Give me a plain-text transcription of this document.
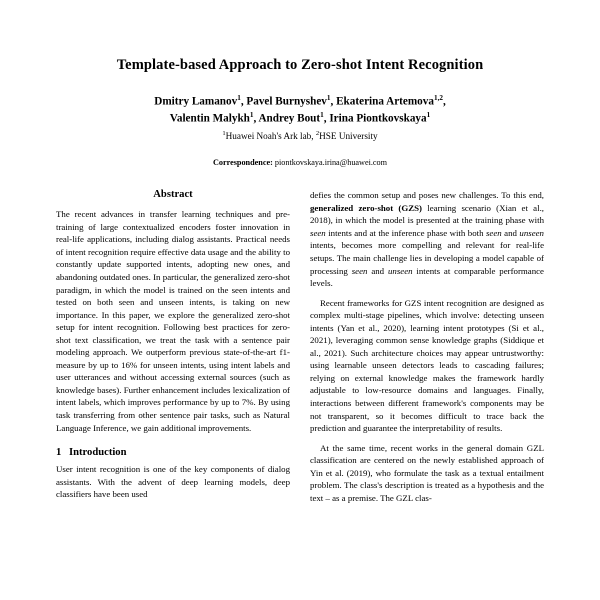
Template-based Approach to Zero-shot Intent Recognition
Dmitry Lamanov$^1$, Pavel Burnyshev$^1$, Ekaterina Artemova$^{1,2}$,
Valentin Malykh$^1$, Andrey Bout$^1$, Irina Piontkovskaya$^1$
$^1$Huawei Noah's Ark lab, $^2$HSE University
Correspondence: piontkovskaya.irina@huawei.com
Abstract

The recent advances in transfer learning techniques and pre-training of large contextualized encoders foster innovation in real-life applications, including dialog assistants. Practical needs of intent recognition require effective data usage and the ability to constantly update supported intents, adopting new ones, and abandoning outdated ones. In particular, the generalized zero-shot paradigm, in which the model is trained on the seen intents and tested on both seen and unseen intents, is taking on new importance. In this paper, we explore the generalized zero-shot setup for intent recognition. Following best practices for zero-shot text classification, we treat the task with a sentence pair modeling approach. We outperform previous state-of-the-art f1-measure by up to 16% for unseen intents, using intent labels and user utterances and without accessing external sources (such as knowledge bases). Further enhancement includes lexicalization of intent labels, which improves performance by up to 7%. By using task transferring from other sentence pair tasks, such as Natural Language Inference, we gain additional improvements.

1 Introduction

User intent recognition is one of the key components of dialog assistants. With the advent of deep learning models, deep classifiers have been used

defies the common setup and poses new challenges. To this end, generalized zero-shot (GZS) learning scenario (Xian et al., 2018), in which the model is presented at the training phase with seen intents and at the inference phase with both seen and unseen intents, becomes more compelling and relevant for real-life setups. The main challenge lies in developing a model capable of processing seen and unseen intents at comparable performance levels.

Recent frameworks for GZS intent recognition are designed as complex multi-stage pipelines, which involve: detecting unseen intents (Yan et al., 2020), learning intent prototypes (Si et al., 2021), leveraging common sense knowledge graphs (Siddique et al., 2021). Such architecture choices may appear untrustworthy: using learnable unseen detectors leads to cascading failures; relying on external knowledge makes the framework hardly adjustable to low-resource domains and languages. Finally, interactions between different framework's components may be not transparent, so it becomes difficult to trace back the prediction and guarantee the interpretability of results.

At the same time, recent works in the general domain GZL classification are centered on the newly established approach of Yin et al. (2019), who formulate the task as a textual entailment problem. The class's description is treated as a hypothesis and the text – as a premise. The GZL clas-
